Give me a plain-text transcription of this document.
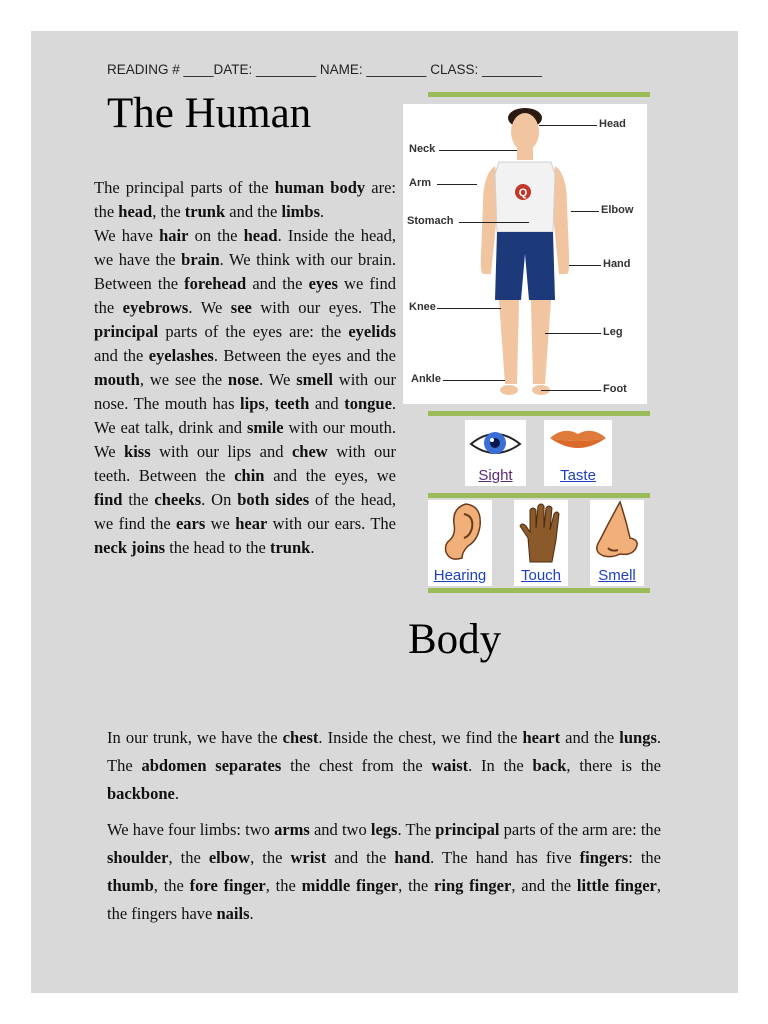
READING # ____DATE: ________ NAME: ________ CLASS: ________
The Human
Q
Head
Neck
Arm
Elbow
Stomach
Hand
Knee
Leg
Ankle
Foot
Sight	Taste
Hearing	Touch	Smell
Body

The principal parts of the human body are: the head, the trunk and the limbs.
We have hair on the head. Inside the head, we have the brain. We think with our brain. Between the forehead and the eyes we find the eyebrows. We see with our eyes. The principal parts of the eyes are: the eyelids and the eyelashes. Between the eyes and the mouth, we see the nose. We smell with our nose. The mouth has lips, teeth and tongue. We eat talk, drink and smile with our mouth. We kiss with our lips and chew with our teeth. Between the chin and the eyes, we find the cheeks. On both sides of the head, we find the ears we hear with our ears. The neck joins the head to the trunk.

In our trunk, we have the chest. Inside the chest, we find the heart and the lungs. The abdomen separates the chest from the waist. In the back, there is the backbone.

We have four limbs: two arms and two legs. The principal parts of the arm are: the shoulder, the elbow, the wrist and the hand. The hand has five fingers: the thumb, the fore finger, the middle finger, the ring finger, and the little finger, the fingers have nails.
